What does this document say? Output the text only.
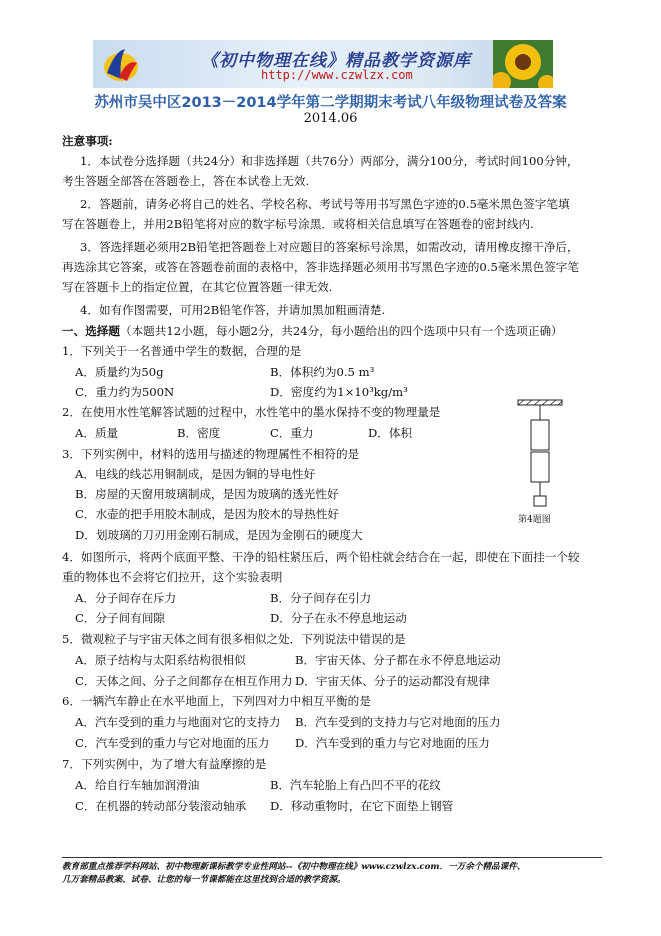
《初中物理在线》精品教学资源库
http://www.czwlzx.com
苏州市吴中区2013－2014学年第二学期期末考试八年级物理试卷及答案
2014.06
注意事项:
1．本试卷分选择题（共24分）和非选择题（共76分）两部分，满分100分，考试时间100分钟，
考生答题全部答在答题卷上，答在本试卷上无效.
2．答题前，请务必将自己的姓名、学校名称、考试号等用书写黑色字迹的0.5毫米黑色签字笔填
写在答题卷上，并用2B铅笔将对应的数字标号涂黑．或将相关信息填写在答题卷的密封线内.
3．答选择题必须用2B铅笔把答题卷上对应题目的答案标号涂黑，如需改动，请用橡皮擦干净后，
再选涂其它答案，或答在答题卷前面的表格中，答非选择题必须用书写黑色字迹的0.5毫米黑色签字笔
写在答题卡上的指定位置，在其它位置答题一律无效.
4．如有作图需要，可用2B铅笔作答，并请加黑加粗画清楚.
一、选择题（本题共12小题，每小题2分，共24分，每小题给出的四个选项中只有一个选项正确）
1．下列关于一名普通中学生的数据，合理的是
A．质量约为50g	B．体积约为0.5 m³
C．重力约为500N	D．密度约为1×10³kg/m³
2．在使用水性笔解答试题的过程中，水性笔中的墨水保持不变的物理量是
A．质量	B．密度	C．重力	D．体积
3．下列实例中，材料的选用与描述的物理属性不相符的是
A．电线的线芯用铜制成，是因为铜的导电性好
B．房屋的天窗用玻璃制成，是因为玻璃的透光性好
C．水壶的把手用胶木制成，是因为胶木的导热性好
D．划玻璃的刀刃用金刚石制成，是因为金刚石的硬度大
第4题图
4．如图所示，将两个底面平整、干净的铅柱紧压后，两个铅柱就会结合在一起，即使在下面挂一个较
重的物体也不会将它们拉开，这个实验表明
A．分子间存在斥力	B．分子间存在引力
C．分子间有间隙	D．分子在永不停息地运动
5．微观粒子与宇宙天体之间有很多相似之处．下列说法中错误的是
A．原子结构与太阳系结构很相似	B．宇宙天体、分子都在永不停息地运动
C．天体之间、分子之间都存在相互作用力 D．宇宙天体、分子的运动都没有规律
6．一辆汽车静止在水平地面上，下列四对力中相互平衡的是
A．汽车受到的重力与地面对它的支持力 B．汽车受到的支持力与它对地面的压力
C．汽车受到的重力与它对地面的压力 D．汽车受到的重力与它对地面的压力
7．下列实例中，为了增大有益摩擦的是
A．给自行车轴加润滑油	B．汽车轮胎上有凸凹不平的花纹
C．在机器的转动部分装滚动轴承 D．移动重物时，在它下面垫上钢管
教育部重点推荐学科网站、初中物理新课标教学专业性网站--《初中物理在线》www.czwlzx.com．一万余个精品课件、
几万套精品教案、试卷、让您的每一节课都能在这里找到合适的教学资源。
